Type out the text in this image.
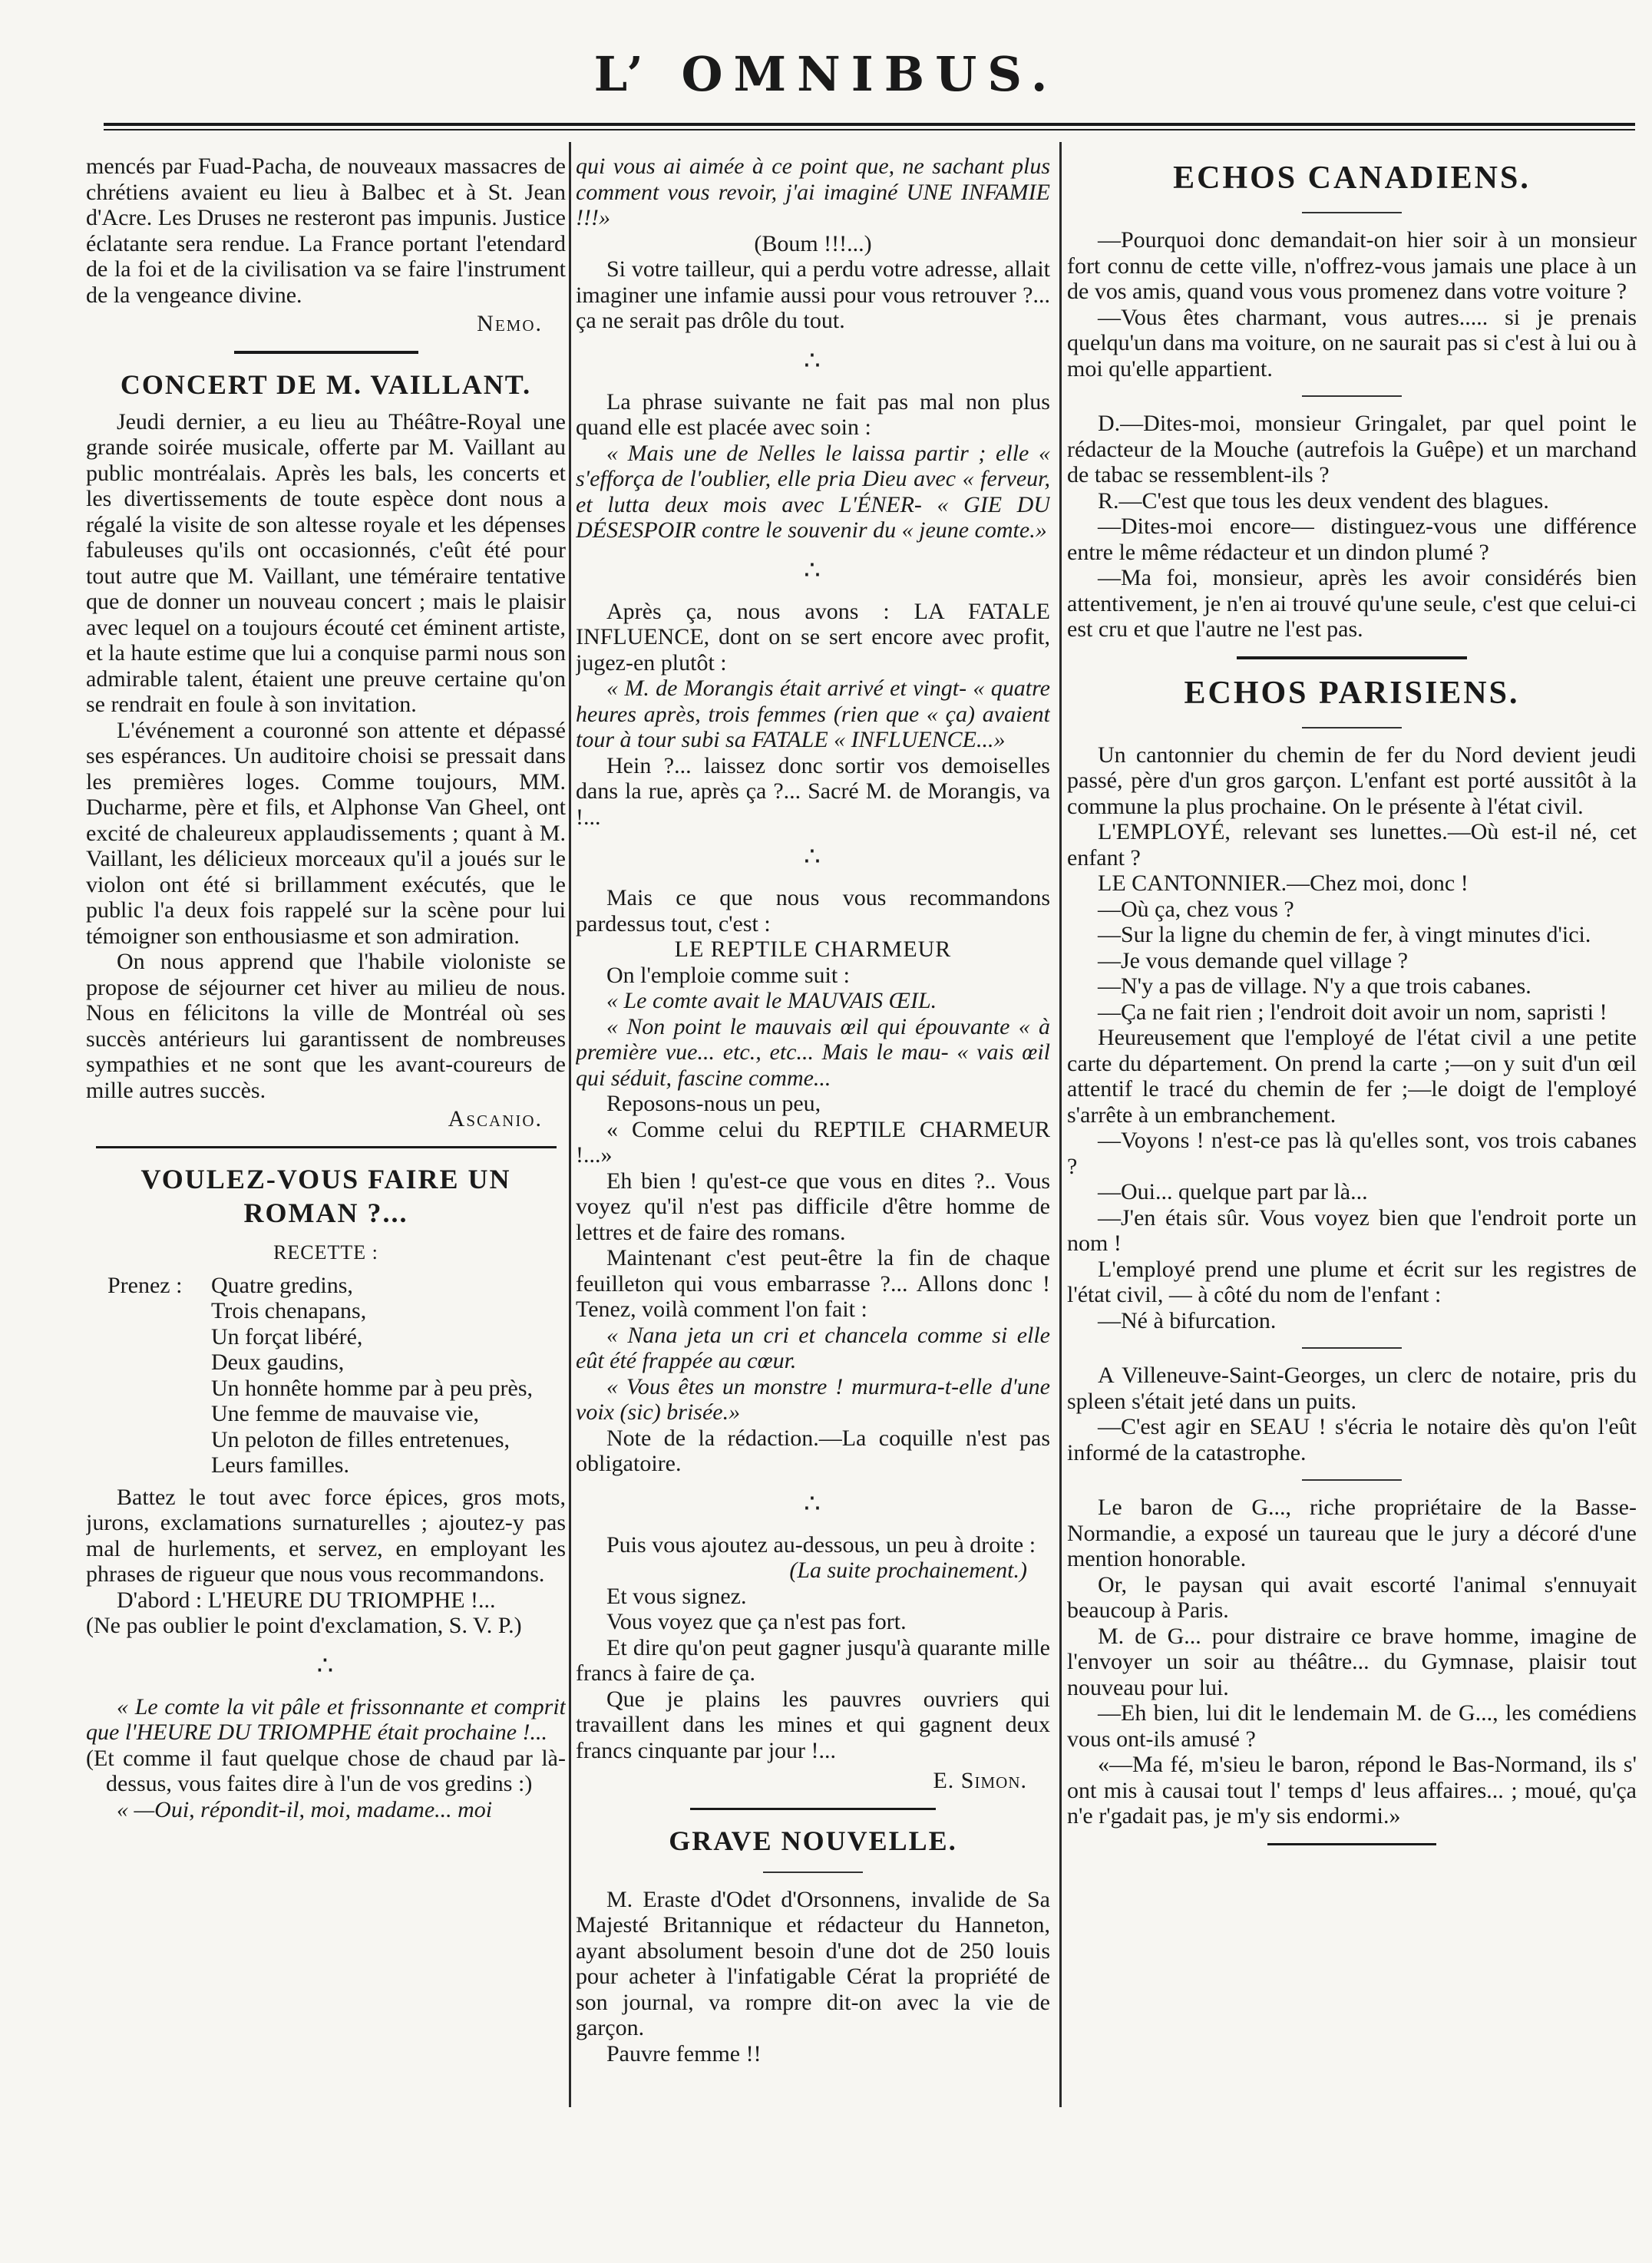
L’ OMNIBUS.

mencés par Fuad-Pacha, de nouveaux massacres de chrétiens avaient eu lieu à Balbec et à St. Jean d'Acre. Les Druses ne resteront pas impunis. Justice éclatante sera rendue. La France portant l'etendard de la foi et de la civilisation va se faire l'instrument de la vengeance divine.

Nemo.
CONCERT DE M. VAILLANT.

Jeudi dernier, a eu lieu au Théâtre-Royal une grande soirée musicale, offerte par M. Vaillant au public montréalais. Après les bals, les concerts et les divertissements de toute espèce dont nous a régalé la visite de son altesse royale et les dépenses fabuleuses qu'ils ont occasionnés, c'eût été pour tout autre que M. Vaillant, une téméraire tentative que de donner un nouveau concert ; mais le plaisir avec lequel on a toujours écouté cet éminent artiste, et la haute estime que lui a conquise parmi nous son admirable talent, étaient une preuve certaine qu'on se rendrait en foule à son invitation.

L'événement a couronné son attente et dépassé ses espérances. Un auditoire choisi se pressait dans les premières loges. Comme toujours, MM. Ducharme, père et fils, et Alphonse Van Gheel, ont excité de chaleureux applaudissements ; quant à M. Vaillant, les délicieux morceaux qu'il a joués sur le violon ont été si brillamment exécutés, que le public l'a deux fois rappelé sur la scène pour lui témoigner son enthousiasme et son admiration.

On nous apprend que l'habile violoniste se propose de séjourner cet hiver au milieu de nous. Nous en félicitons la ville de Montréal où ses succès antérieurs lui garantissent de nombreuses sympathies et ne sont que les avant-coureurs de mille autres succès.

Ascanio.
VOULEZ-VOUS FAIRE UN ROMAN ?...
RECETTE :
Prenez :	Quatre gredins,
Trois chenapans,
Un forçat libéré,
Deux gaudins,
Un honnête homme par à peu près,
Une femme de mauvaise vie,
Un peloton de filles entretenues,
Leurs familles.

Battez le tout avec force épices, gros mots, jurons, exclamations surnaturelles ; ajoutez-y pas mal de hurlements, et servez, en employant les phrases de rigueur que nous vous recommandons.

D'abord : L'HEURE DU TRIOMPHE !...

(Ne pas oublier le point d'exclamation, S. V. P.)

∴

« Le comte la vit pâle et frissonnante et comprit que l'HEURE DU TRIOMPHE était prochaine !...

(Et comme il faut quelque chose de chaud par là-dessus, vous faites dire à l'un de vos gredins :)

« —Oui, répondit-il, moi, madame... moi

qui vous ai aimée à ce point que, ne sachant plus comment vous revoir, j'ai imaginé UNE INFAMIE !!!»

(Boum !!!...)

Si votre tailleur, qui a perdu votre adresse, allait imaginer une infamie aussi pour vous retrouver ?... ça ne serait pas drôle du tout.

∴

La phrase suivante ne fait pas mal non plus quand elle est placée avec soin :

« Mais une de Nelles le laissa partir ; elle « s'efforça de l'oublier, elle pria Dieu avec « ferveur, et lutta deux mois avec L'ÉNER- « GIE DU DÉSESPOIR contre le souvenir du « jeune comte.»

∴

Après ça, nous avons : LA FATALE INFLUENCE, dont on se sert encore avec profit, jugez-en plutôt :

« M. de Morangis était arrivé et vingt- « quatre heures après, trois femmes (rien que « ça) avaient tour à tour subi sa FATALE « INFLUENCE...»

Hein ?... laissez donc sortir vos demoiselles dans la rue, après ça ?... Sacré M. de Morangis, va !...

∴

Mais ce que nous vous recommandons pardessus tout, c'est :

LE REPTILE CHARMEUR

On l'emploie comme suit :

« Le comte avait le MAUVAIS ŒIL.

« Non point le mauvais œil qui épouvante « à première vue... etc., etc... Mais le mau- « vais œil qui séduit, fascine comme...

Reposons-nous un peu,

« Comme celui du REPTILE CHARMEUR !...»

Eh bien ! qu'est-ce que vous en dites ?.. Vous voyez qu'il n'est pas difficile d'être homme de lettres et de faire des romans.

Maintenant c'est peut-être la fin de chaque feuilleton qui vous embarrasse ?... Allons donc ! Tenez, voilà comment l'on fait :

« Nana jeta un cri et chancela comme si elle eût été frappée au cœur.

« Vous êtes un monstre ! murmura-t-elle d'une voix (sic) brisée.»

Note de la rédaction.—La coquille n'est pas obligatoire.

∴

Puis vous ajoutez au-dessous, un peu à droite :

(La suite prochainement.)

Et vous signez.

Vous voyez que ça n'est pas fort.

Et dire qu'on peut gagner jusqu'à quarante mille francs à faire de ça.

Que je plains les pauvres ouvriers qui travaillent dans les mines et qui gagnent deux francs cinquante par jour !...

E. Simon.
GRAVE NOUVELLE.

M. Eraste d'Odet d'Orsonnens, invalide de Sa Majesté Britannique et rédacteur du Hanneton, ayant absolument besoin d'une dot de 250 louis pour acheter à l'infatigable Cérat la propriété de son journal, va rompre dit-on avec la vie de garçon.

Pauvre femme !!

ECHOS CANADIENS.

—Pourquoi donc demandait-on hier soir à un monsieur fort connu de cette ville, n'offrez-vous jamais une place à un de vos amis, quand vous vous promenez dans votre voiture ?

—Vous êtes charmant, vous autres..... si je prenais quelqu'un dans ma voiture, on ne saurait pas si c'est à lui ou à moi qu'elle appartient.

D.—Dites-moi, monsieur Gringalet, par quel point le rédacteur de la Mouche (autrefois la Guêpe) et un marchand de tabac se ressemblent-ils ?

R.—C'est que tous les deux vendent des blagues.

—Dites-moi encore— distinguez-vous une différence entre le même rédacteur et un dindon plumé ?

—Ma foi, monsieur, après les avoir considérés bien attentivement, je n'en ai trouvé qu'une seule, c'est que celui-ci est cru et que l'autre ne l'est pas.

ECHOS PARISIENS.

Un cantonnier du chemin de fer du Nord devient jeudi passé, père d'un gros garçon. L'enfant est porté aussitôt à la commune la plus prochaine. On le présente à l'état civil.

L'EMPLOYÉ, relevant ses lunettes.—Où est-il né, cet enfant ?

LE CANTONNIER.—Chez moi, donc !

—Où ça, chez vous ?

—Sur la ligne du chemin de fer, à vingt minutes d'ici.

—Je vous demande quel village ?

—N'y a pas de village. N'y a que trois cabanes.

—Ça ne fait rien ; l'endroit doit avoir un nom, sapristi !

Heureusement que l'employé de l'état civil a une petite carte du département. On prend la carte ;—on y suit d'un œil attentif le tracé du chemin de fer ;—le doigt de l'employé s'arrête à un embranchement.

—Voyons ! n'est-ce pas là qu'elles sont, vos trois cabanes ?

—Oui... quelque part par là...

—J'en étais sûr. Vous voyez bien que l'endroit porte un nom !

L'employé prend une plume et écrit sur les registres de l'état civil, — à côté du nom de l'enfant :

—Né à bifurcation.

A Villeneuve-Saint-Georges, un clerc de notaire, pris du spleen s'était jeté dans un puits.

—C'est agir en SEAU ! s'écria le notaire dès qu'on l'eût informé de la catastrophe.

Le baron de G..., riche propriétaire de la Basse-Normandie, a exposé un taureau que le jury a décoré d'une mention honorable.

Or, le paysan qui avait escorté l'animal s'ennuyait beaucoup à Paris.

M. de G... pour distraire ce brave homme, imagine de l'envoyer un soir au théâtre... du Gymnase, plaisir tout nouveau pour lui.

—Eh bien, lui dit le lendemain M. de G..., les comédiens vous ont-ils amusé ?

«—Ma fé, m'sieu le baron, répond le Bas-Normand, ils s' ont mis à causai tout l' temps d' leus affaires... ; moué, qu'ça n'e r'gadait pas, je m'y sis endormi.»
